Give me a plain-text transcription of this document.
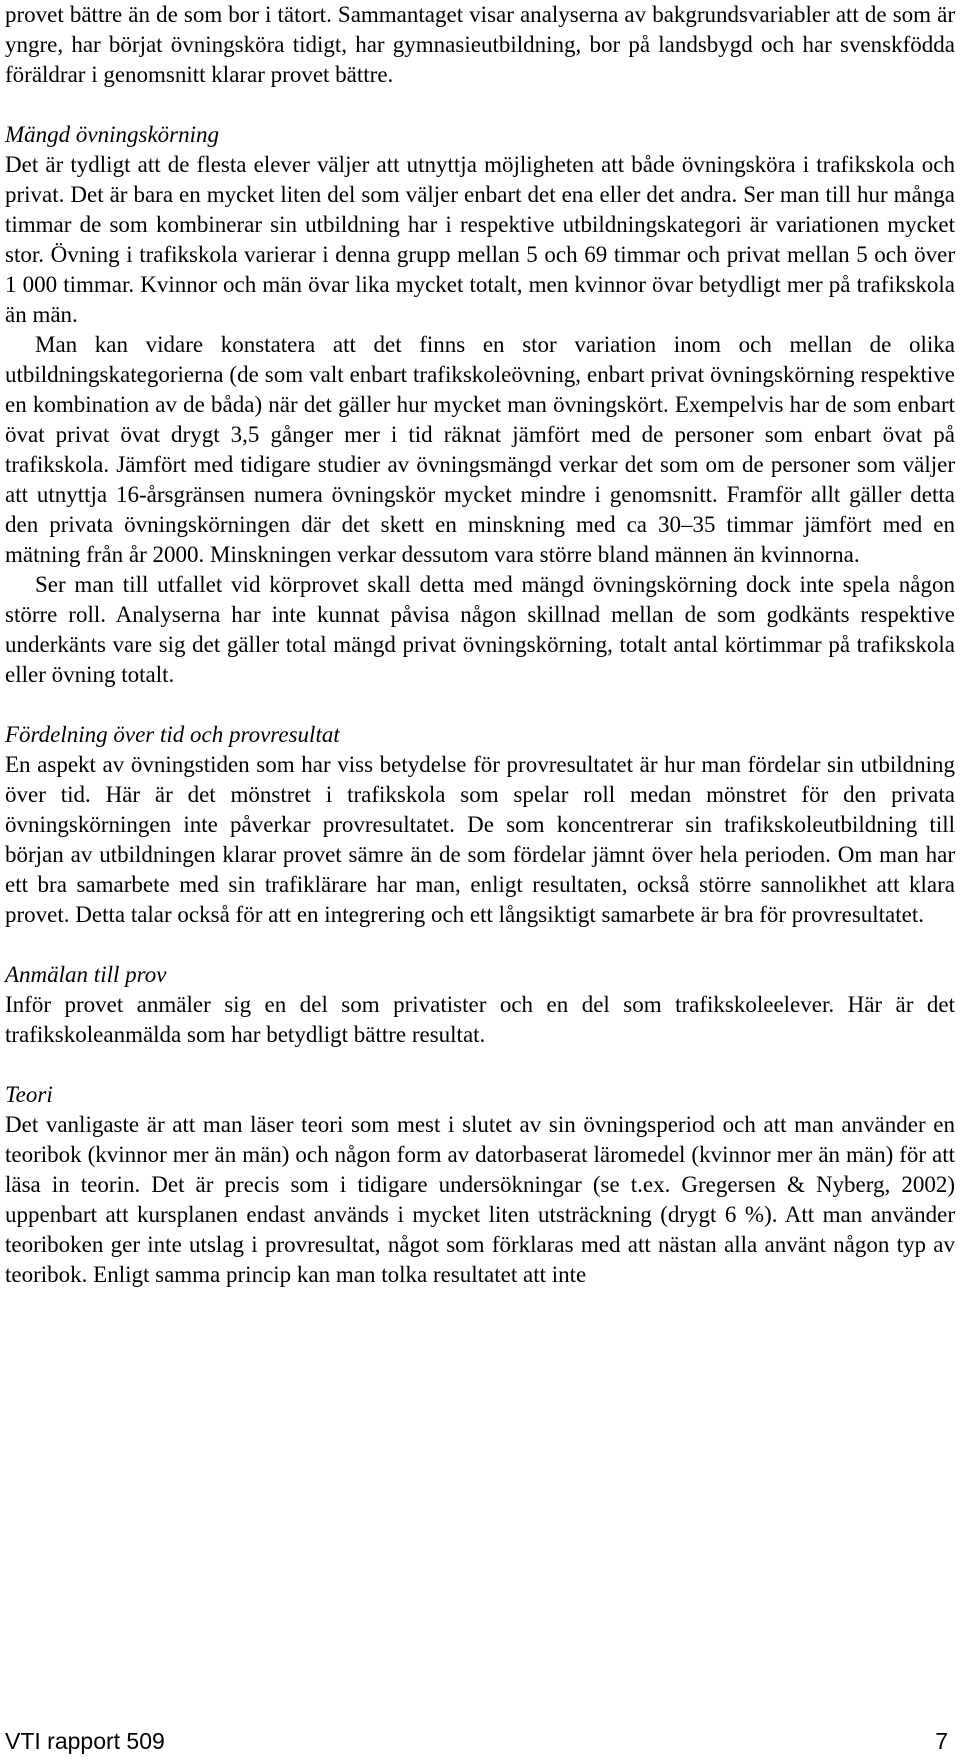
provet bättre än de som bor i tätort. Sammantaget visar analyserna av bakgrundsvariabler att de som är yngre, har börjat övningsköra tidigt, har gymnasieutbildning, bor på landsbygd och har svenskfödda föräldrar i genomsnitt klarar provet bättre.

Mängd övningskörning

Det är tydligt att de flesta elever väljer att utnyttja möjligheten att både övningsköra i trafikskola och privat. Det är bara en mycket liten del som väljer enbart det ena eller det andra. Ser man till hur många timmar de som kombinerar sin utbildning har i respektive utbildningskategori är variationen mycket stor. Övning i trafikskola varierar i denna grupp mellan 5 och 69 timmar och privat mellan 5 och över 1 000 timmar. Kvinnor och män övar lika mycket totalt, men kvinnor övar betydligt mer på trafikskola än män.

Man kan vidare konstatera att det finns en stor variation inom och mellan de olika utbildningskategorierna (de som valt enbart trafikskoleövning, enbart privat övningskörning respektive en kombination av de båda) när det gäller hur mycket man övningskört. Exempelvis har de som enbart övat privat övat drygt 3,5 gånger mer i tid räknat jämfört med de personer som enbart övat på trafikskola. Jämfört med tidigare studier av övningsmängd verkar det som om de personer som väljer att utnyttja 16-årsgränsen numera övningskör mycket mindre i genomsnitt. Framför allt gäller detta den privata övningskörningen där det skett en minskning med ca 30–35 timmar jämfört med en mätning från år 2000. Minskningen verkar dessutom vara större bland männen än kvinnorna.

Ser man till utfallet vid körprovet skall detta med mängd övningskörning dock inte spela någon större roll. Analyserna har inte kunnat påvisa någon skillnad mellan de som godkänts respektive underkänts vare sig det gäller total mängd privat övningskörning, totalt antal körtimmar på trafikskola eller övning totalt.

Fördelning över tid och provresultat

En aspekt av övningstiden som har viss betydelse för provresultatet är hur man fördelar sin utbildning över tid. Här är det mönstret i trafikskola som spelar roll medan mönstret för den privata övningskörningen inte påverkar provresultatet. De som koncentrerar sin trafikskoleutbildning till början av utbildningen klarar provet sämre än de som fördelar jämnt över hela perioden. Om man har ett bra samarbete med sin trafiklärare har man, enligt resultaten, också större sannolikhet att klara provet. Detta talar också för att en integrering och ett långsiktigt samarbete är bra för provresultatet.

Anmälan till prov

Inför provet anmäler sig en del som privatister och en del som trafikskoleelever. Här är det trafikskoleanmälda som har betydligt bättre resultat.

Teori

Det vanligaste är att man läser teori som mest i slutet av sin övningsperiod och att man använder en teoribok (kvinnor mer än män) och någon form av datorbaserat läromedel (kvinnor mer än män) för att läsa in teorin. Det är precis som i tidigare undersökningar (se t.ex. Gregersen & Nyberg, 2002) uppenbart att kursplanen endast används i mycket liten utsträckning (drygt 6 %). Att man använder teoriboken ger inte utslag i provresultat, något som förklaras med att nästan alla använt någon typ av teoribok. Enligt samma princip kan man tolka resultatet att inte

VTI rapport 509	7
